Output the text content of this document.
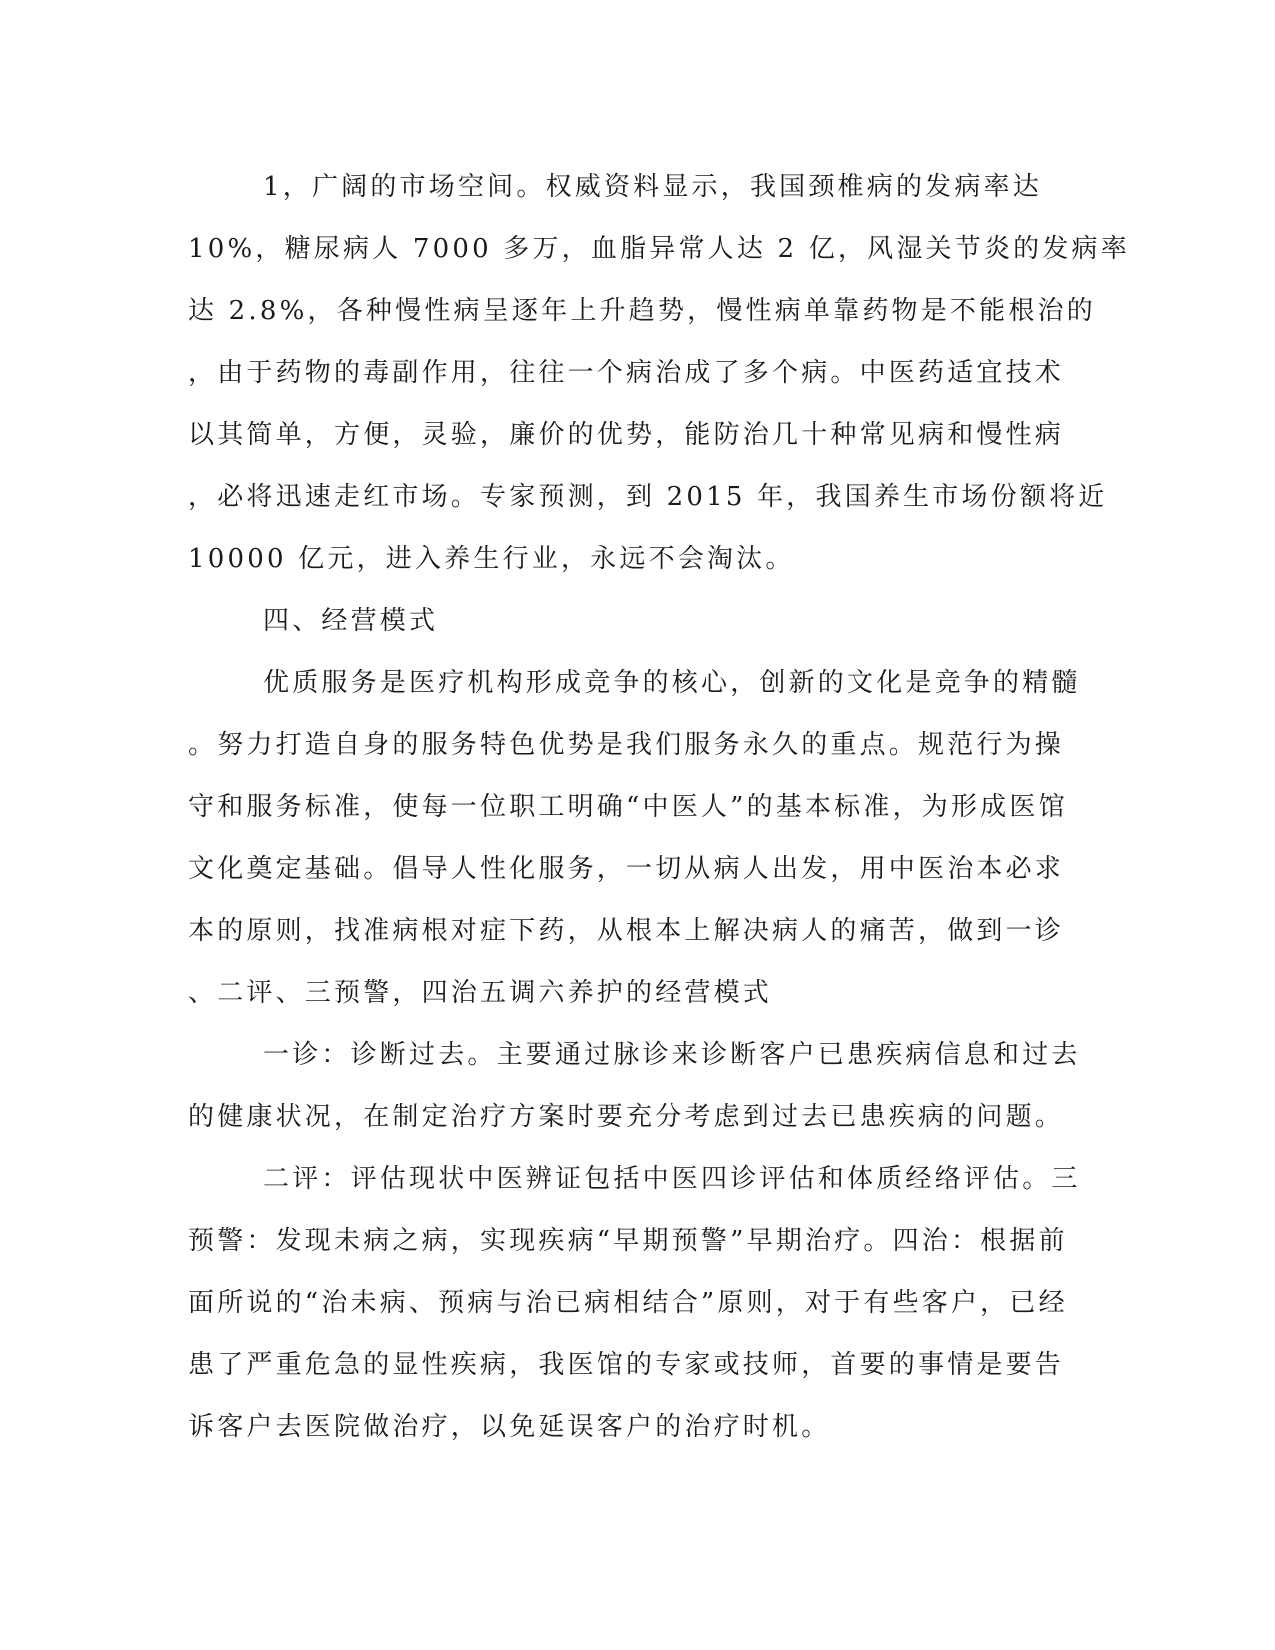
1，广阔的市场空间。权威资料显示，我国颈椎病的发病率达
10%，糖尿病人 7000 多万，血脂异常人达 2 亿，风湿关节炎的发病率
达 2.8%，各种慢性病呈逐年上升趋势，慢性病单靠药物是不能根治的
，由于药物的毒副作用，往往一个病治成了多个病。中医药适宜技术
以其简单，方便，灵验，廉价的优势，能防治几十种常见病和慢性病
，必将迅速走红市场。专家预测，到 2015 年，我国养生市场份额将近
10000 亿元，进入养生行业，永远不会淘汰。
四、经营模式
优质服务是医疗机构形成竞争的核心，创新的文化是竞争的精髓
。努力打造自身的服务特色优势是我们服务永久的重点。规范行为操
守和服务标准，使每一位职工明确“中医人”的基本标准，为形成医馆
文化奠定基础。倡导人性化服务，一切从病人出发，用中医治本必求
本的原则，找准病根对症下药，从根本上解决病人的痛苦，做到一诊
、二评、三预警，四治五调六养护的经营模式
一诊：诊断过去。主要通过脉诊来诊断客户已患疾病信息和过去
的健康状况，在制定治疗方案时要充分考虑到过去已患疾病的问题。
二评：评估现状中医辨证包括中医四诊评估和体质经络评估。三
预警：发现未病之病，实现疾病“早期预警”早期治疗。四治：根据前
面所说的“治未病、预病与治已病相结合”原则，对于有些客户，已经
患了严重危急的显性疾病，我医馆的专家或技师，首要的事情是要告
诉客户去医院做治疗，以免延误客户的治疗时机。
